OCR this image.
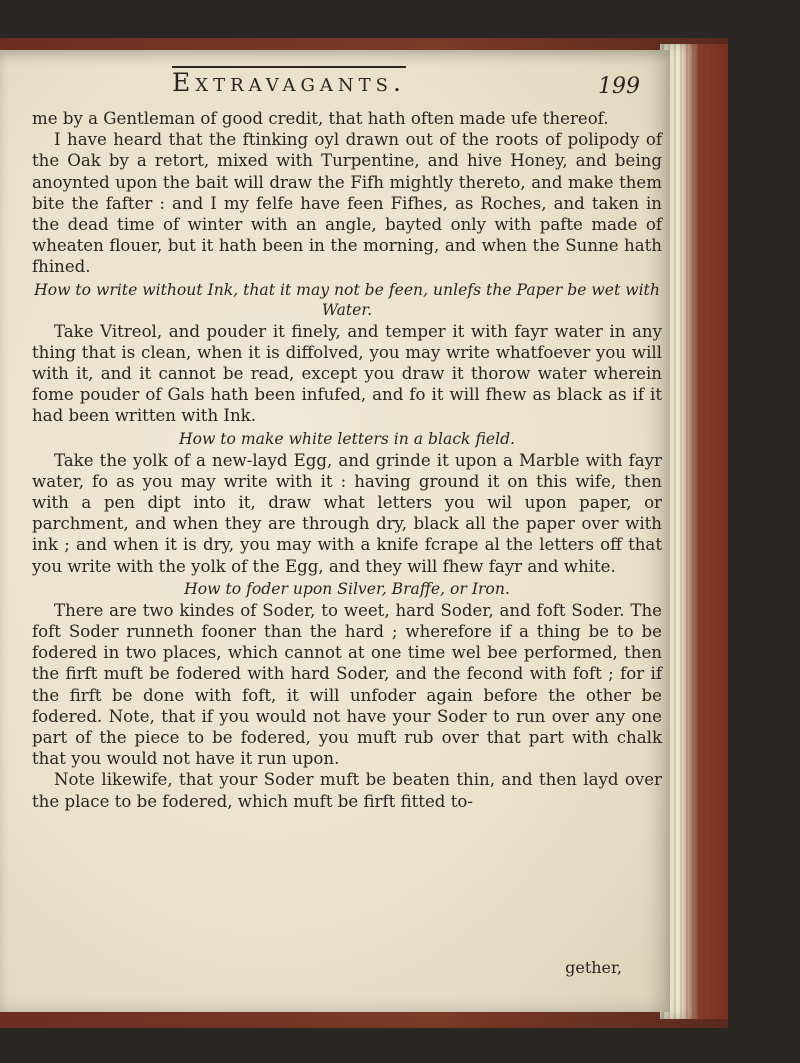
Extravagants.	199

me by a Gentleman of good credit, that hath often made ufe thereof.

I have heard that the ftinking oyl drawn out of the roots of polipody of the Oak by a retort, mixed with Turpentine, and hive Honey, and being anoynted upon the bait will draw the Fifh mightly thereto, and make them bite the fafter : and I my felfe have feen Fifhes, as Roches, and taken in the dead time of winter with an angle, bayted only with pafte made of wheaten flouer, but it hath been in the morning, and when the Sunne hath fhined.

How to write without Ink, that it may not be feen, unlefs the Paper be wet with Water.

Take Vitreol, and pouder it finely, and temper it with fayr water in any thing that is clean, when it is diffolved, you may write whatfoever you will with it, and it cannot be read, except you draw it thorow water wherein fome pouder of Gals hath been infufed, and fo it will fhew as black as if it had been written with Ink.

How to make white letters in a black field.

Take the yolk of a new-layd Egg, and grinde it upon a Marble with fayr water, fo as you may write with it : having ground it on this wife, then with a pen dipt into it, draw what letters you wil upon paper, or parchment, and when they are through dry, black all the paper over with ink ; and when it is dry, you may with a knife fcrape al the letters off that you write with the yolk of the Egg, and they will fhew fayr and white.

How to foder upon Silver, Braffe, or Iron.

There are two kindes of Soder, to weet, hard Soder, and foft Soder. The foft Soder runneth fooner than the hard ; wherefore if a thing be to be fodered in two places, which cannot at one time wel bee performed, then the firft muft be fodered with hard Soder, and the fecond with foft ; for if the firft be done with foft, it will unfoder again before the other be fodered. Note, that if you would not have your Soder to run over any one part of the piece to be fodered, you muft rub over that part with chalk that you would not have it run upon.

Note likewife, that your Soder muft be beaten thin, and then layd over the place to be fodered, which muft be firft fitted to-

gether,
